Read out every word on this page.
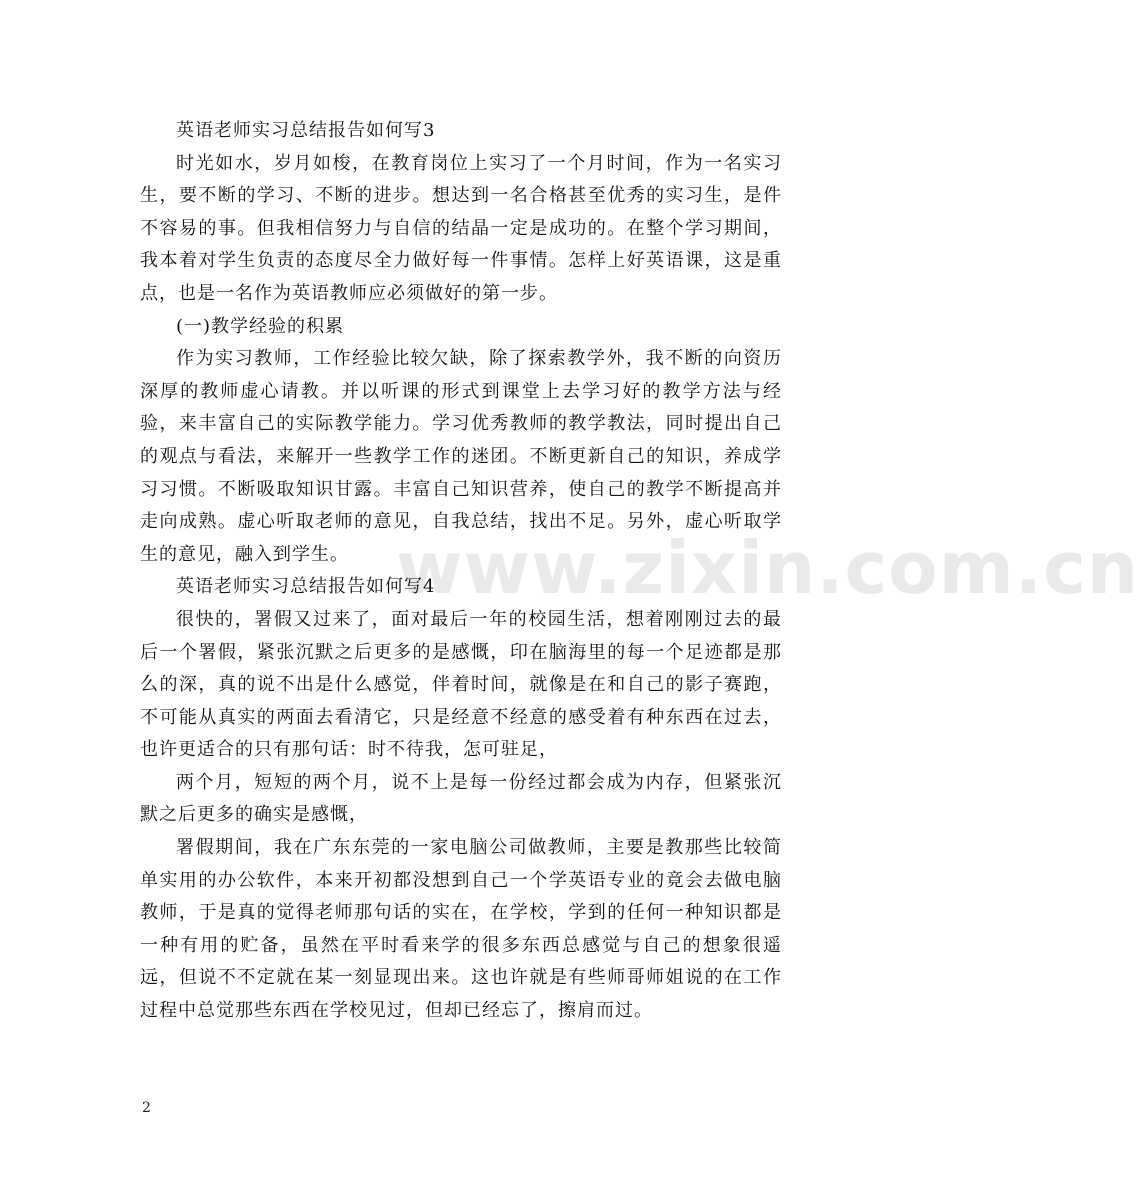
www.zixin.com.cn

英语老师实习总结报告如何写3

时光如水，岁月如梭，在教育岗位上实习了一个月时间，作为一名实习生，要不断的学习、不断的进步。想达到一名合格甚至优秀的实习生，是件不容易的事。但我相信努力与自信的结晶一定是成功的。在整个学习期间，我本着对学生负责的态度尽全力做好每一件事情。怎样上好英语课，这是重点，也是一名作为英语教师应必须做好的第一步。

(一)教学经验的积累

作为实习教师，工作经验比较欠缺，除了探索教学外，我不断的向资历深厚的教师虚心请教。并以听课的形式到课堂上去学习好的教学方法与经验，来丰富自己的实际教学能力。学习优秀教师的教学教法，同时提出自己的观点与看法，来解开一些教学工作的迷团。不断更新自己的知识，养成学习习惯。不断吸取知识甘露。丰富自己知识营养，使自己的教学不断提高并走向成熟。虚心听取老师的意见，自我总结，找出不足。另外，虚心听取学生的意见，融入到学生。

英语老师实习总结报告如何写4

很快的，署假又过来了，面对最后一年的校园生活，想着刚刚过去的最后一个署假，紧张沉默之后更多的是感慨，印在脑海里的每一个足迹都是那么的深，真的说不出是什么感觉，伴着时间，就像是在和自己的影子赛跑，不可能从真实的两面去看清它，只是经意不经意的感受着有种东西在过去，也许更适合的只有那句话：时不待我，怎可驻足，

两个月，短短的两个月，说不上是每一份经过都会成为内存，但紧张沉默之后更多的确实是感慨，

署假期间，我在广东东莞的一家电脑公司做教师，主要是教那些比较简单实用的办公软件，本来开初都没想到自己一个学英语专业的竟会去做电脑教师，于是真的觉得老师那句话的实在，在学校，学到的任何一种知识都是一种有用的贮备，虽然在平时看来学的很多东西总感觉与自己的想象很遥远，但说不不定就在某一刻显现出来。这也许就是有些师哥师姐说的在工作过程中总觉那些东西在学校见过，但却已经忘了，擦肩而过。

2
